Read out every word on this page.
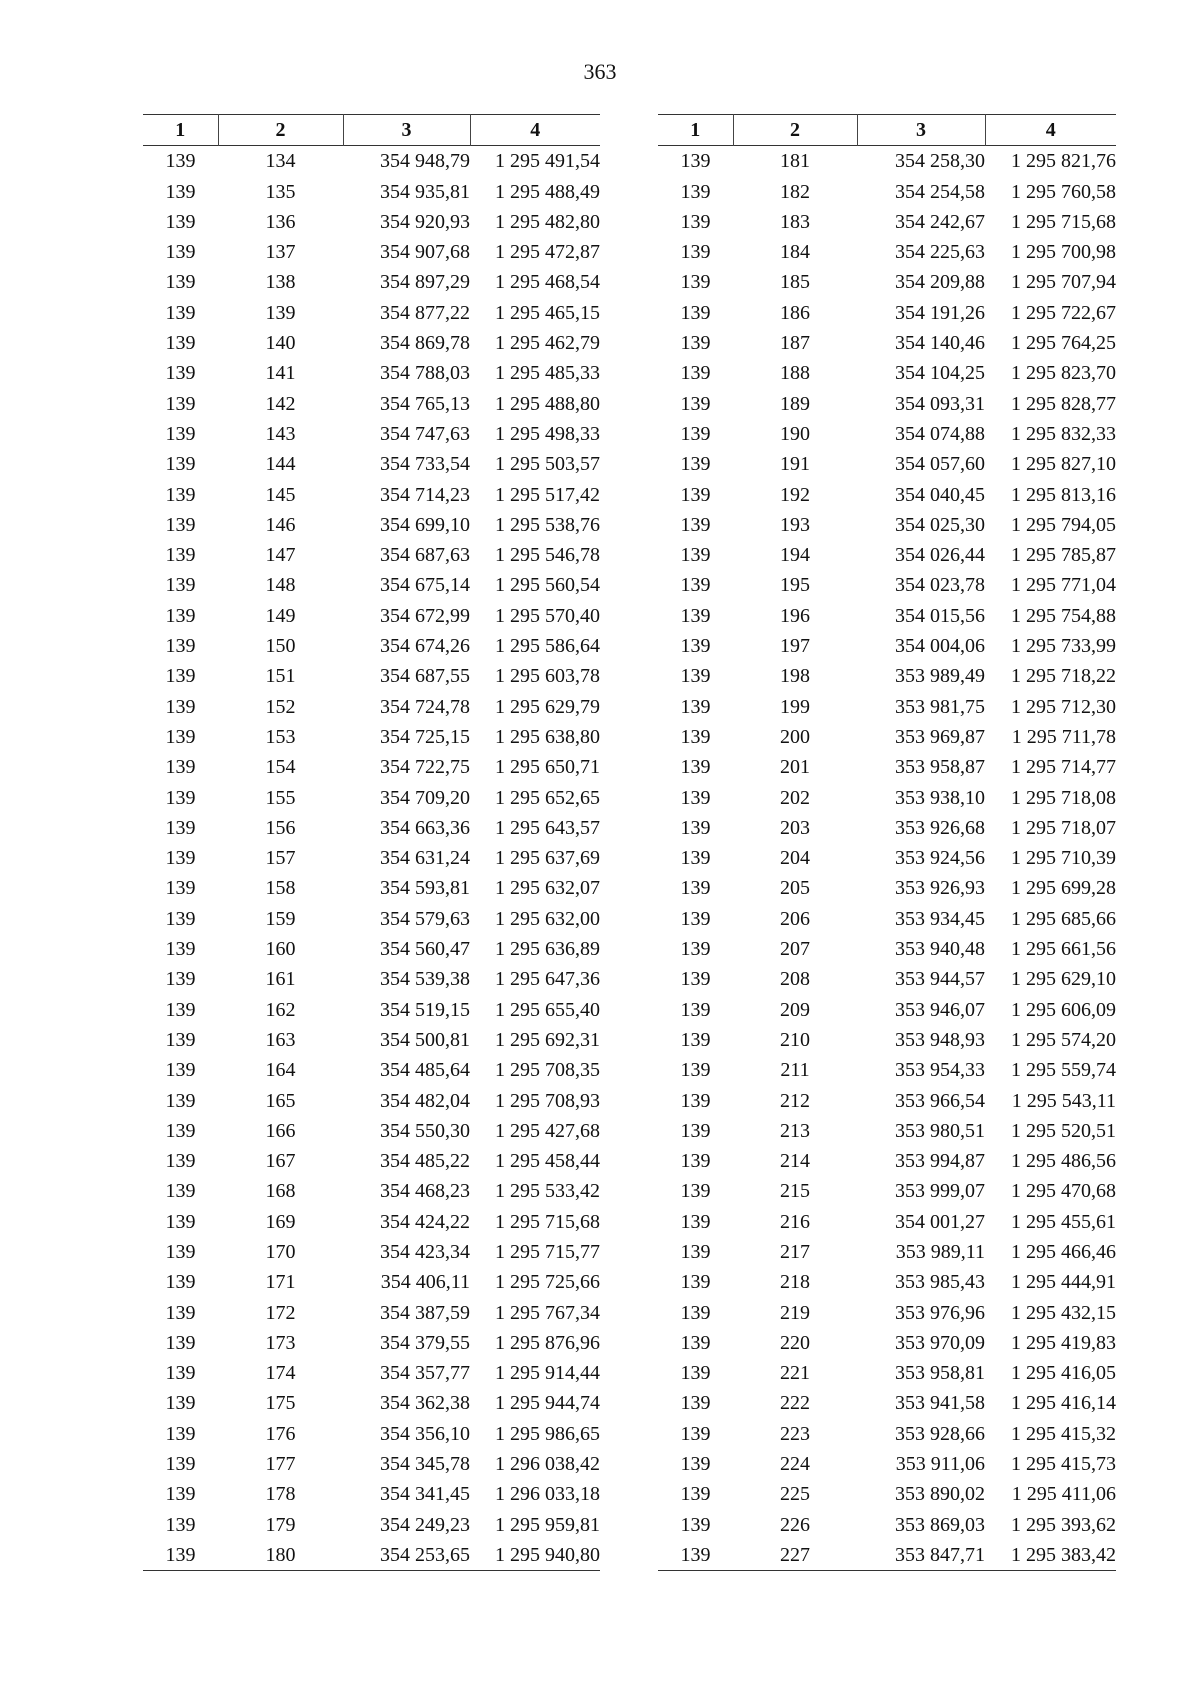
363
1	2	3	4
139	134	354 948,79	1 295 491,54
139	135	354 935,81	1 295 488,49
139	136	354 920,93	1 295 482,80
139	137	354 907,68	1 295 472,87
139	138	354 897,29	1 295 468,54
139	139	354 877,22	1 295 465,15
139	140	354 869,78	1 295 462,79
139	141	354 788,03	1 295 485,33
139	142	354 765,13	1 295 488,80
139	143	354 747,63	1 295 498,33
139	144	354 733,54	1 295 503,57
139	145	354 714,23	1 295 517,42
139	146	354 699,10	1 295 538,76
139	147	354 687,63	1 295 546,78
139	148	354 675,14	1 295 560,54
139	149	354 672,99	1 295 570,40
139	150	354 674,26	1 295 586,64
139	151	354 687,55	1 295 603,78
139	152	354 724,78	1 295 629,79
139	153	354 725,15	1 295 638,80
139	154	354 722,75	1 295 650,71
139	155	354 709,20	1 295 652,65
139	156	354 663,36	1 295 643,57
139	157	354 631,24	1 295 637,69
139	158	354 593,81	1 295 632,07
139	159	354 579,63	1 295 632,00
139	160	354 560,47	1 295 636,89
139	161	354 539,38	1 295 647,36
139	162	354 519,15	1 295 655,40
139	163	354 500,81	1 295 692,31
139	164	354 485,64	1 295 708,35
139	165	354 482,04	1 295 708,93
139	166	354 550,30	1 295 427,68
139	167	354 485,22	1 295 458,44
139	168	354 468,23	1 295 533,42
139	169	354 424,22	1 295 715,68
139	170	354 423,34	1 295 715,77
139	171	354 406,11	1 295 725,66
139	172	354 387,59	1 295 767,34
139	173	354 379,55	1 295 876,96
139	174	354 357,77	1 295 914,44
139	175	354 362,38	1 295 944,74
139	176	354 356,10	1 295 986,65
139	177	354 345,78	1 296 038,42
139	178	354 341,45	1 296 033,18
139	179	354 249,23	1 295 959,81
139	180	354 253,65	1 295 940,80
1	2	3	4
139	181	354 258,30	1 295 821,76
139	182	354 254,58	1 295 760,58
139	183	354 242,67	1 295 715,68
139	184	354 225,63	1 295 700,98
139	185	354 209,88	1 295 707,94
139	186	354 191,26	1 295 722,67
139	187	354 140,46	1 295 764,25
139	188	354 104,25	1 295 823,70
139	189	354 093,31	1 295 828,77
139	190	354 074,88	1 295 832,33
139	191	354 057,60	1 295 827,10
139	192	354 040,45	1 295 813,16
139	193	354 025,30	1 295 794,05
139	194	354 026,44	1 295 785,87
139	195	354 023,78	1 295 771,04
139	196	354 015,56	1 295 754,88
139	197	354 004,06	1 295 733,99
139	198	353 989,49	1 295 718,22
139	199	353 981,75	1 295 712,30
139	200	353 969,87	1 295 711,78
139	201	353 958,87	1 295 714,77
139	202	353 938,10	1 295 718,08
139	203	353 926,68	1 295 718,07
139	204	353 924,56	1 295 710,39
139	205	353 926,93	1 295 699,28
139	206	353 934,45	1 295 685,66
139	207	353 940,48	1 295 661,56
139	208	353 944,57	1 295 629,10
139	209	353 946,07	1 295 606,09
139	210	353 948,93	1 295 574,20
139	211	353 954,33	1 295 559,74
139	212	353 966,54	1 295 543,11
139	213	353 980,51	1 295 520,51
139	214	353 994,87	1 295 486,56
139	215	353 999,07	1 295 470,68
139	216	354 001,27	1 295 455,61
139	217	353 989,11	1 295 466,46
139	218	353 985,43	1 295 444,91
139	219	353 976,96	1 295 432,15
139	220	353 970,09	1 295 419,83
139	221	353 958,81	1 295 416,05
139	222	353 941,58	1 295 416,14
139	223	353 928,66	1 295 415,32
139	224	353 911,06	1 295 415,73
139	225	353 890,02	1 295 411,06
139	226	353 869,03	1 295 393,62
139	227	353 847,71	1 295 383,42
